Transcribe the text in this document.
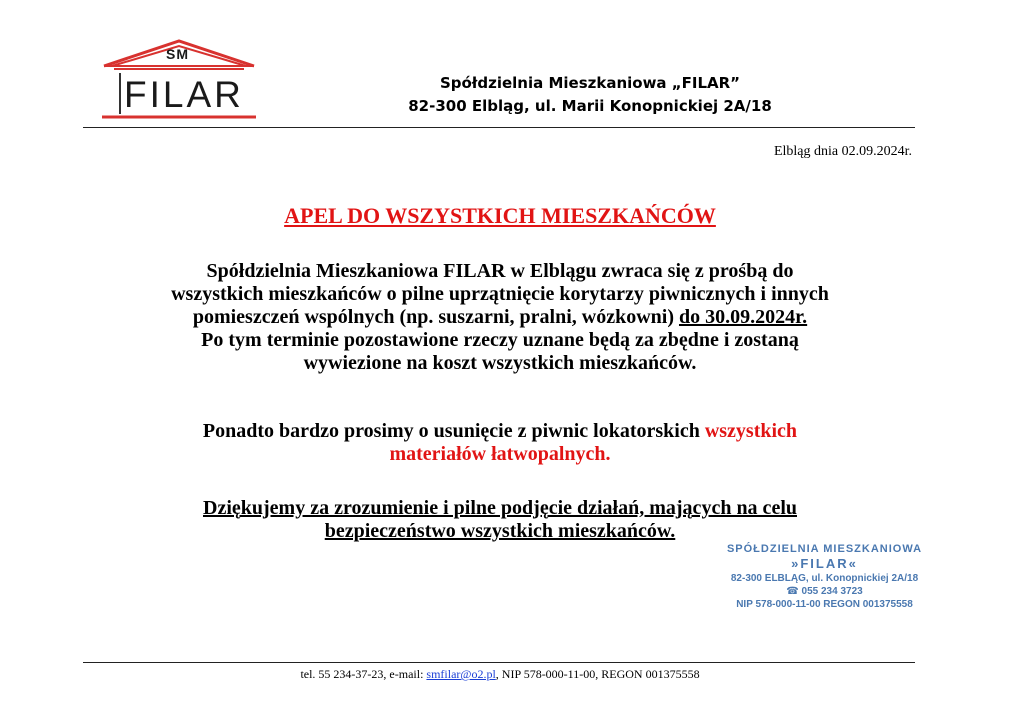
SM
FILAR	Spółdzielnia Mieszkaniowa „FILAR”
82-300 Elbląg, ul. Marii Konopnickiej 2A/18
Elbląg dnia 02.09.2024r.
APEL DO WSZYSTKICH MIESZKAŃCÓW
Spółdzielnia Mieszkaniowa FILAR w Elblągu zwraca się z prośbą do
wszystkich mieszkańców o pilne uprzątnięcie korytarzy piwnicznych i innych
pomieszczeń wspólnych (np. suszarni, pralni, wózkowni) do 30.09.2024r.
Po tym terminie pozostawione rzeczy uznane będą za zbędne i zostaną
wywiezione na koszt wszystkich mieszkańców.
Ponadto bardzo prosimy o usunięcie z piwnic lokatorskich wszystkich
materiałów łatwopalnych.
Dziękujemy za zrozumienie i pilne podjęcie działań, mających na celu
bezpieczeństwo wszystkich mieszkańców.
SPÓŁDZIELNIA MIESZKANIOWA
»FILAR«
82-300 ELBLĄG, ul. Konopnickiej 2A/18
☎ 055 234 3723
NIP 578-000-11-00 REGON 001375558
tel. 55 234-37-23, e-mail: smfilar@o2.pl, NIP 578-000-11-00, REGON 001375558
